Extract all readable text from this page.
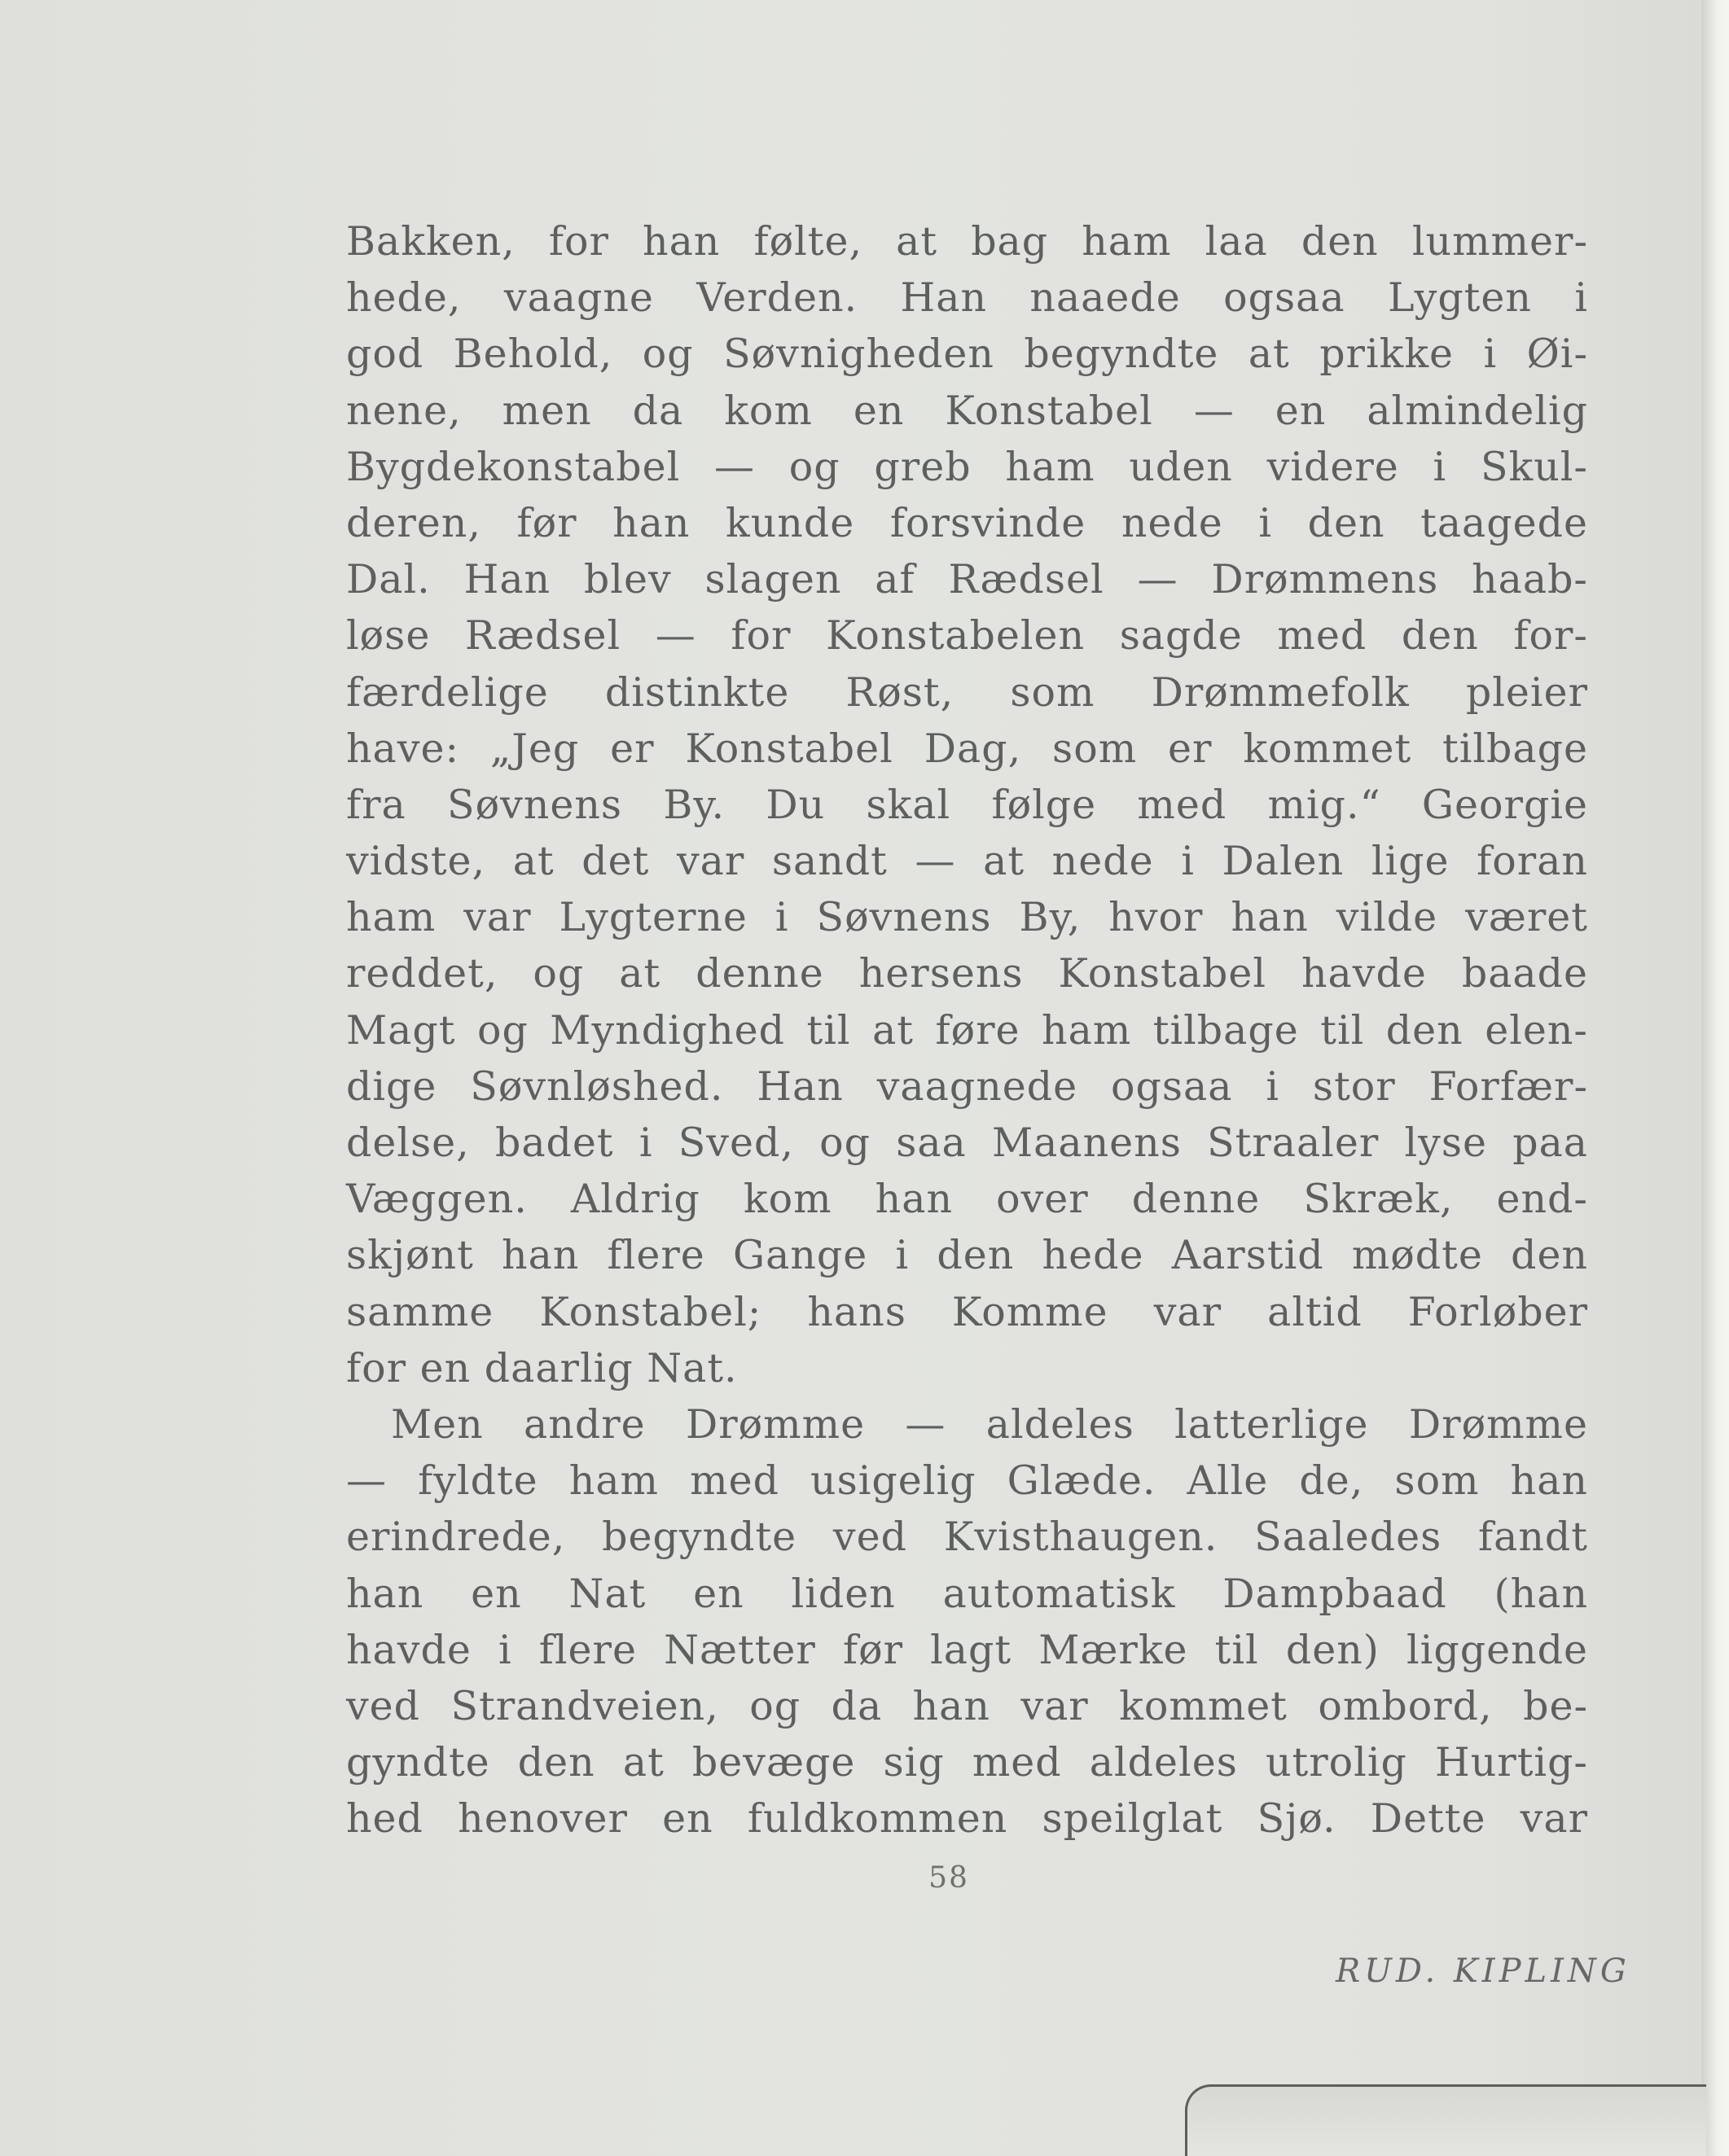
Bakken, for han følte, at bag ham laa den lummer-
hede, vaagne Verden. Han naaede ogsaa Lygten i
god Behold, og Søvnigheden begyndte at prikke i Øi-
nene, men da kom en Konstabel — en almindelig
Bygdekonstabel — og greb ham uden videre i Skul-
deren, før han kunde forsvinde nede i den taagede
Dal. Han blev slagen af Rædsel — Drømmens haab-
løse Rædsel — for Konstabelen sagde med den for-
færdelige distinkte Røst, som Drømmefolk pleier
have: „Jeg er Konstabel Dag, som er kommet tilbage
fra Søvnens By. Du skal følge med mig.“ Georgie
vidste, at det var sandt — at nede i Dalen lige foran
ham var Lygterne i Søvnens By, hvor han vilde været
reddet, og at denne hersens Konstabel havde baade
Magt og Myndighed til at føre ham tilbage til den elen-
dige Søvnløshed. Han vaagnede ogsaa i stor Forfær-
delse, badet i Sved, og saa Maanens Straaler lyse paa
Væggen. Aldrig kom han over denne Skræk, end-
skjønt han flere Gange i den hede Aarstid mødte den
samme Konstabel; hans Komme var altid Forløber
for en daarlig Nat.
Men andre Drømme — aldeles latterlige Drømme
— fyldte ham med usigelig Glæde. Alle de, som han
erindrede, begyndte ved Kvisthaugen. Saaledes fandt
han en Nat en liden automatisk Dampbaad (han
havde i flere Nætter før lagt Mærke til den) liggende
ved Strandveien, og da han var kommet ombord, be-
gyndte den at bevæge sig med aldeles utrolig Hurtig-
hed henover en fuldkommen speilglat Sjø. Dette var
58
RUD. KIPLING
